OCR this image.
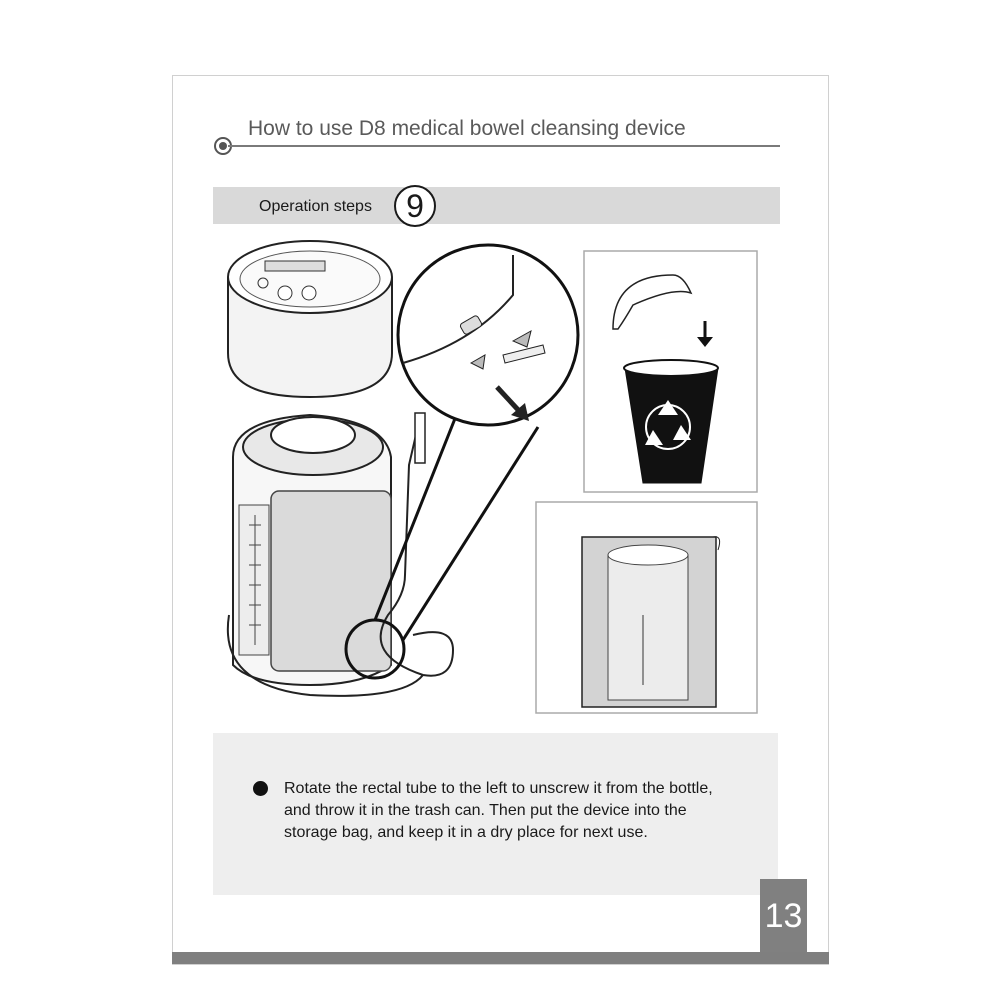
How to use D8 medical bowel cleansing device
Operation steps	9
Rotate the rectal tube to the left to unscrew it from the bottle, and throw it in the trash can. Then put the device into the storage bag, and keep it in a dry place for next use.
13
